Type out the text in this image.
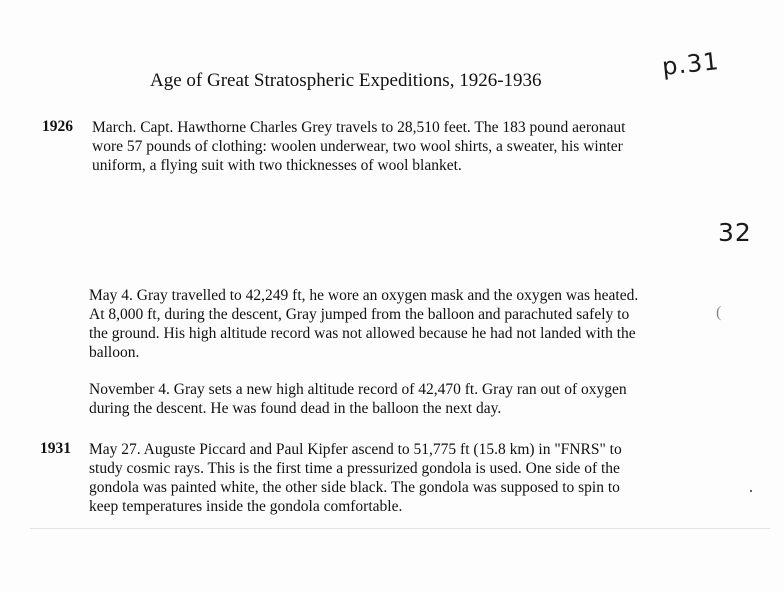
Age of Great Stratospheric Expeditions, 1926-1936	p.31
32
1926 March. Capt. Hawthorne Charles Grey travels to 28,510 feet. The 183 pound aeronaut
wore 57 pounds of clothing: woolen underwear, two wool shirts, a sweater, his winter
uniform, a flying suit with two thicknesses of wool blanket.
May 4. Gray travelled to 42,249 ft, he wore an oxygen mask and the oxygen was heated.
At 8,000 ft, during the descent, Gray jumped from the balloon and parachuted safely to
the ground. His high altitude record was not allowed because he had not landed with the
balloon.
November 4. Gray sets a new high altitude record of 42,470 ft. Gray ran out of oxygen
during the descent. He was found dead in the balloon the next day.
1931 May 27. Auguste Piccard and Paul Kipfer ascend to 51,775 ft (15.8 km) in "FNRS" to
study cosmic rays. This is the first time a pressurized gondola is used. One side of the
gondola was painted white, the other side black. The gondola was supposed to spin to
keep temperatures inside the gondola comfortable.
(
